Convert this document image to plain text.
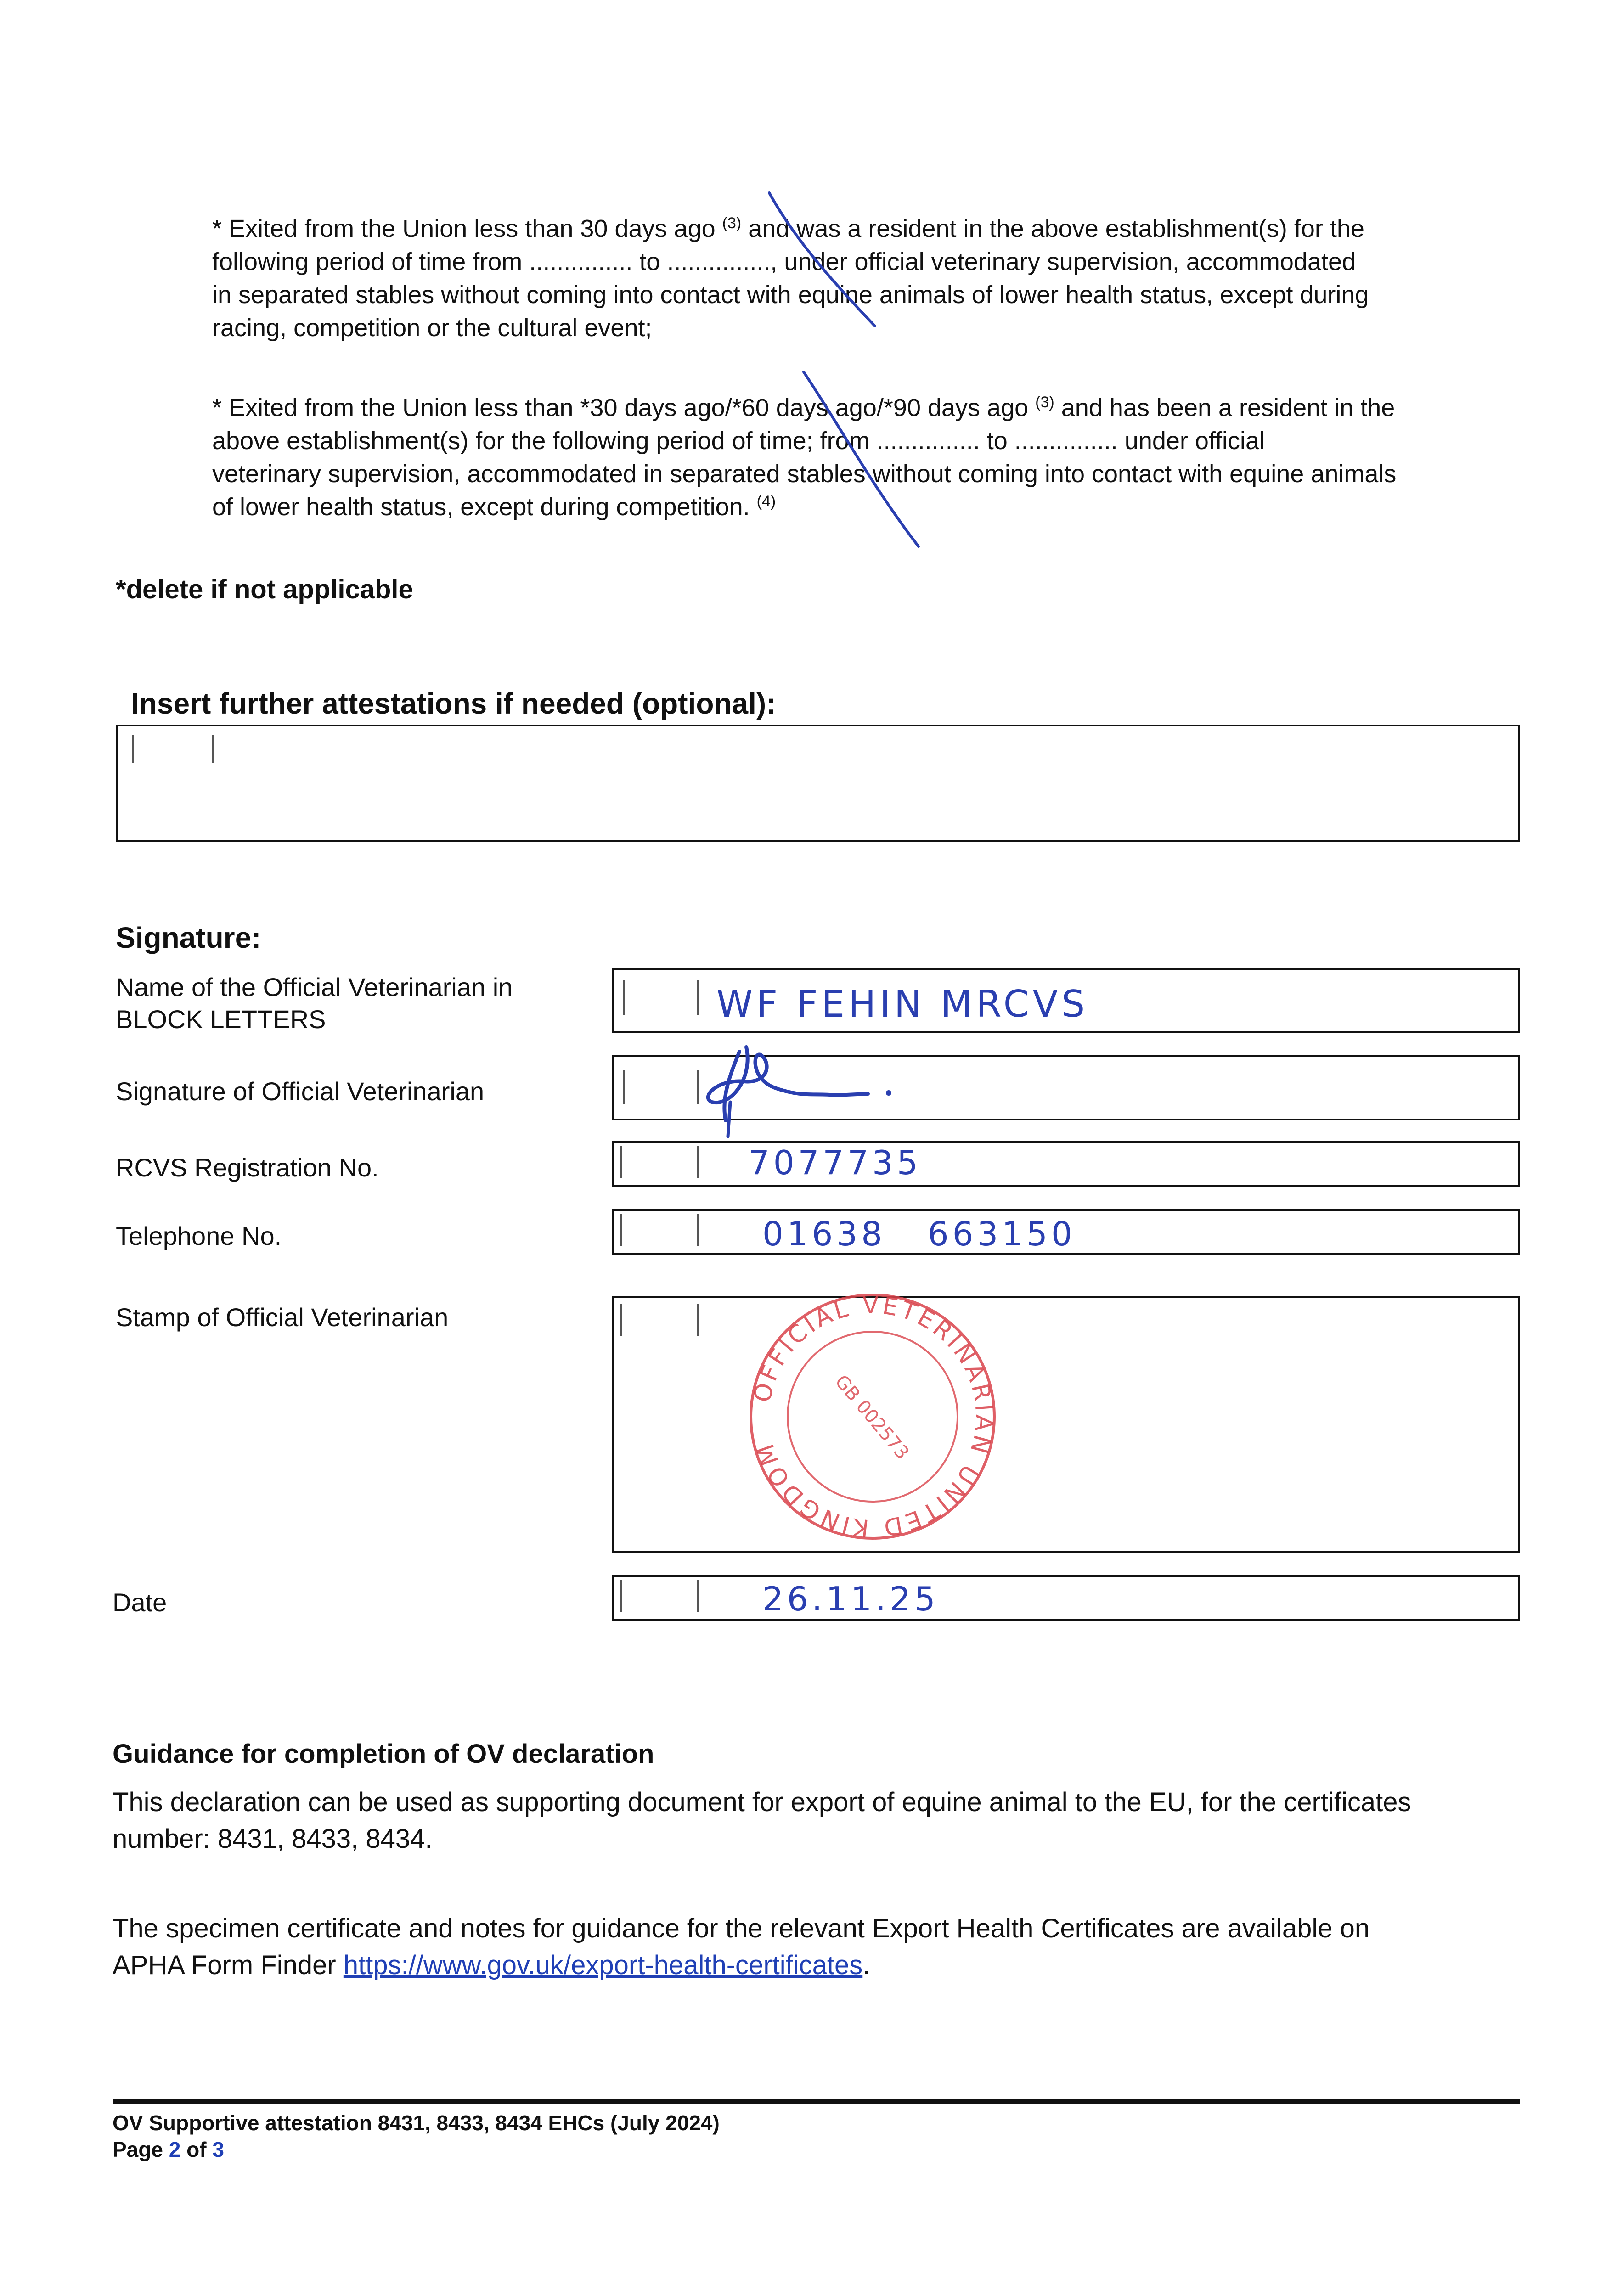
* Exited from the Union less than 30 days ago $^{(3)}$ and was a resident in the above establishment(s) for the
following period of time from ............... to ..............., under official veterinary supervision, accommodated
in separated stables without coming into contact with equine animals of lower health status, except during
racing, competition or the cultural event;
* Exited from the Union less than *30 days ago/*60 days ago/*90 days ago $^{(3)}$ and has been a resident in the
above establishment(s) for the following period of time; from ............... to ............... under official
veterinary supervision, accommodated in separated stables without coming into contact with equine animals
of lower health status, except during competition. $^{(4)}$
*delete if not applicable
Insert further attestations if needed (optional):
Signature:
Name of the Official Veterinarian in
BLOCK LETTERS	WF FEHIN MRCVS
Signature of Official Veterinarian
RCVS Registration No.	7077735
Telephone No.	01638 663150
Stamp of Official Veterinarian
OFFICIAL VETERINARIAN UNITED KINGDOM	GB 002573
Date	26.11.25
Guidance for completion of OV declaration
This declaration can be used as supporting document for export of equine animal to the EU, for the certificates
number: 8431, 8433, 8434.
The specimen certificate and notes for guidance for the relevant Export Health Certificates are available on
APHA Form Finder https://www.gov.uk/export-health-certificates.
OV Supportive attestation 8431, 8433, 8434 EHCs (July 2024)
Page 2 of 3
